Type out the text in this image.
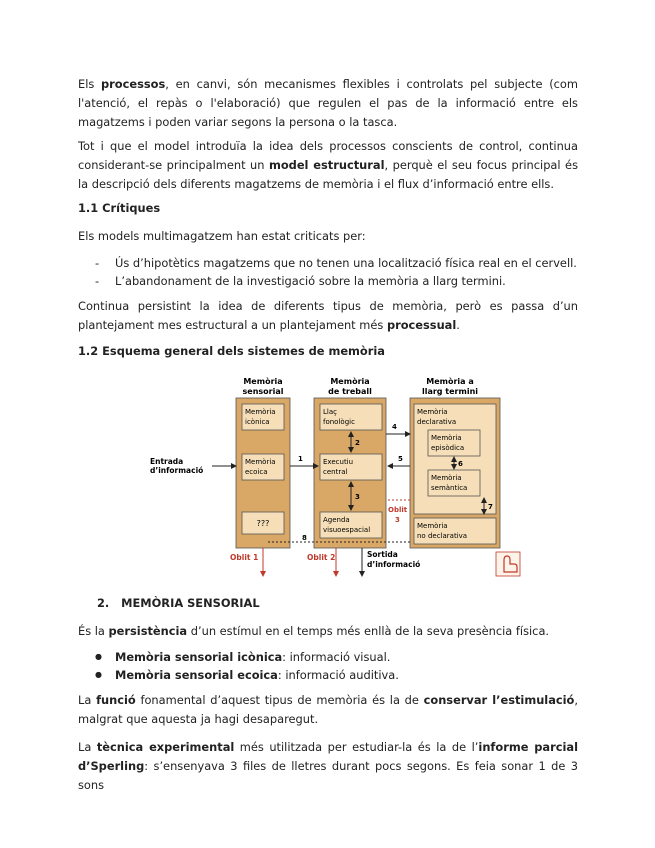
Els processos, en canvi, són mecanismes flexibles i controlats pel subjecte (com l'atenció, el repàs o l'elaboració) que regulen el pas de la informació entre els magatzems i poden variar segons la persona o la tasca.

Tot i que el model introduïa la idea dels processos conscients de control, continua considerant-se principalment un model estructural, perquè el seu focus principal és la descripció dels diferents magatzems de memòria i el flux d’informació entre ells.

1.1 Crítiques

Els models multimagatzem han estat criticats per:

- Ús d’hipotètics magatzems que no tenen una localització física real en el cervell.
- L’abandonament de la investigació sobre la memòria a llarg termini.

Continua persistint la idea de diferents tipus de memòria, però es passa d’un plantejament mes estructural a un plantejament més processual.

1.2 Esquema general dels sistemes de memòria
Memòria
sensorial
Memòria
de treball
Memòria a
llarg termini
Entrada
d’informació
Memòria
icònica
Memòria
ecoica
???
1
Llaç
fonològic
Executiu
central
Agenda
visuoespacial
2
3
Memòria
declarativa
Memòria
episòdica
6
Memòria
semàntica
7
Memòria
no declarativa
4
5
Oblit
3
8
Oblit 1	Oblit 2	Sortida
d’informació
2. MEMÒRIA SENSORIAL

És la persistència d’un estímul en el temps més enllà de la seva presència física.

● Memòria sensorial icònica: informació visual.
● Memòria sensorial ecoica: informació auditiva.

La funció fonamental d’aquest tipus de memòria és la de conservar l’estimulació, malgrat que aquesta ja hagi desaparegut.

La tècnica experimental més utilitzada per estudiar-la és la de l’informe parcial d’Sperling: s’ensenyava 3 files de lletres durant pocs segons. Es feia sonar 1 de 3 sons
